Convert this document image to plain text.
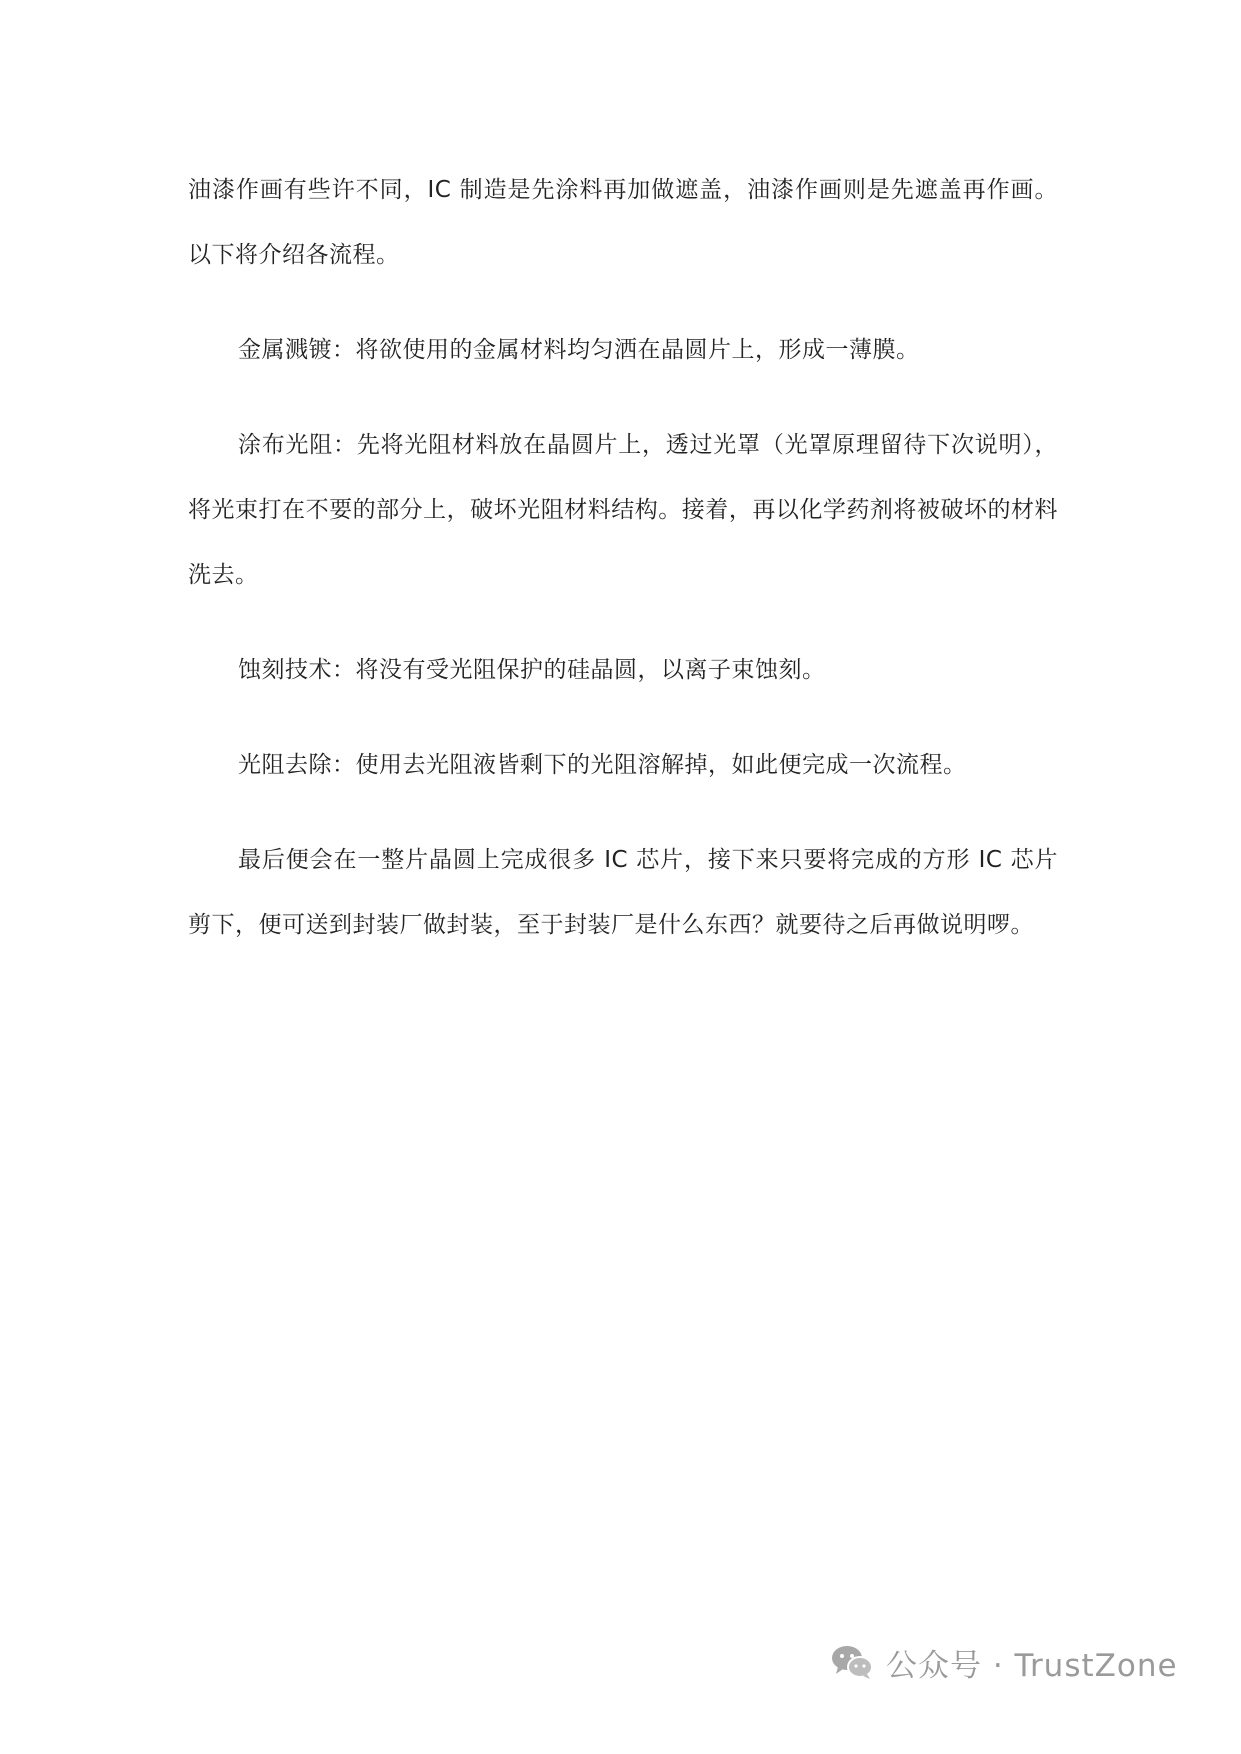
油漆作画有些许不同，IC 制造是先涂料再加做遮盖，油漆作画则是先遮盖再作画。以下将介绍各流程。

金属溅镀：将欲使用的金属材料均匀洒在晶圆片上，形成一薄膜。

涂布光阻：先将光阻材料放在晶圆片上，透过光罩（光罩原理留待下次说明），将光束打在不要的部分上，破坏光阻材料结构。接着，再以化学药剂将被破坏的材料洗去。

蚀刻技术：将没有受光阻保护的硅晶圆，以离子束蚀刻。

光阻去除：使用去光阻液皆剩下的光阻溶解掉，如此便完成一次流程。

最后便会在一整片晶圆上完成很多 IC 芯片，接下来只要将完成的方形 IC 芯片剪下，便可送到封装厂做封装，至于封装厂是什么东西？就要待之后再做说明啰。

公众号 · TrustZone
